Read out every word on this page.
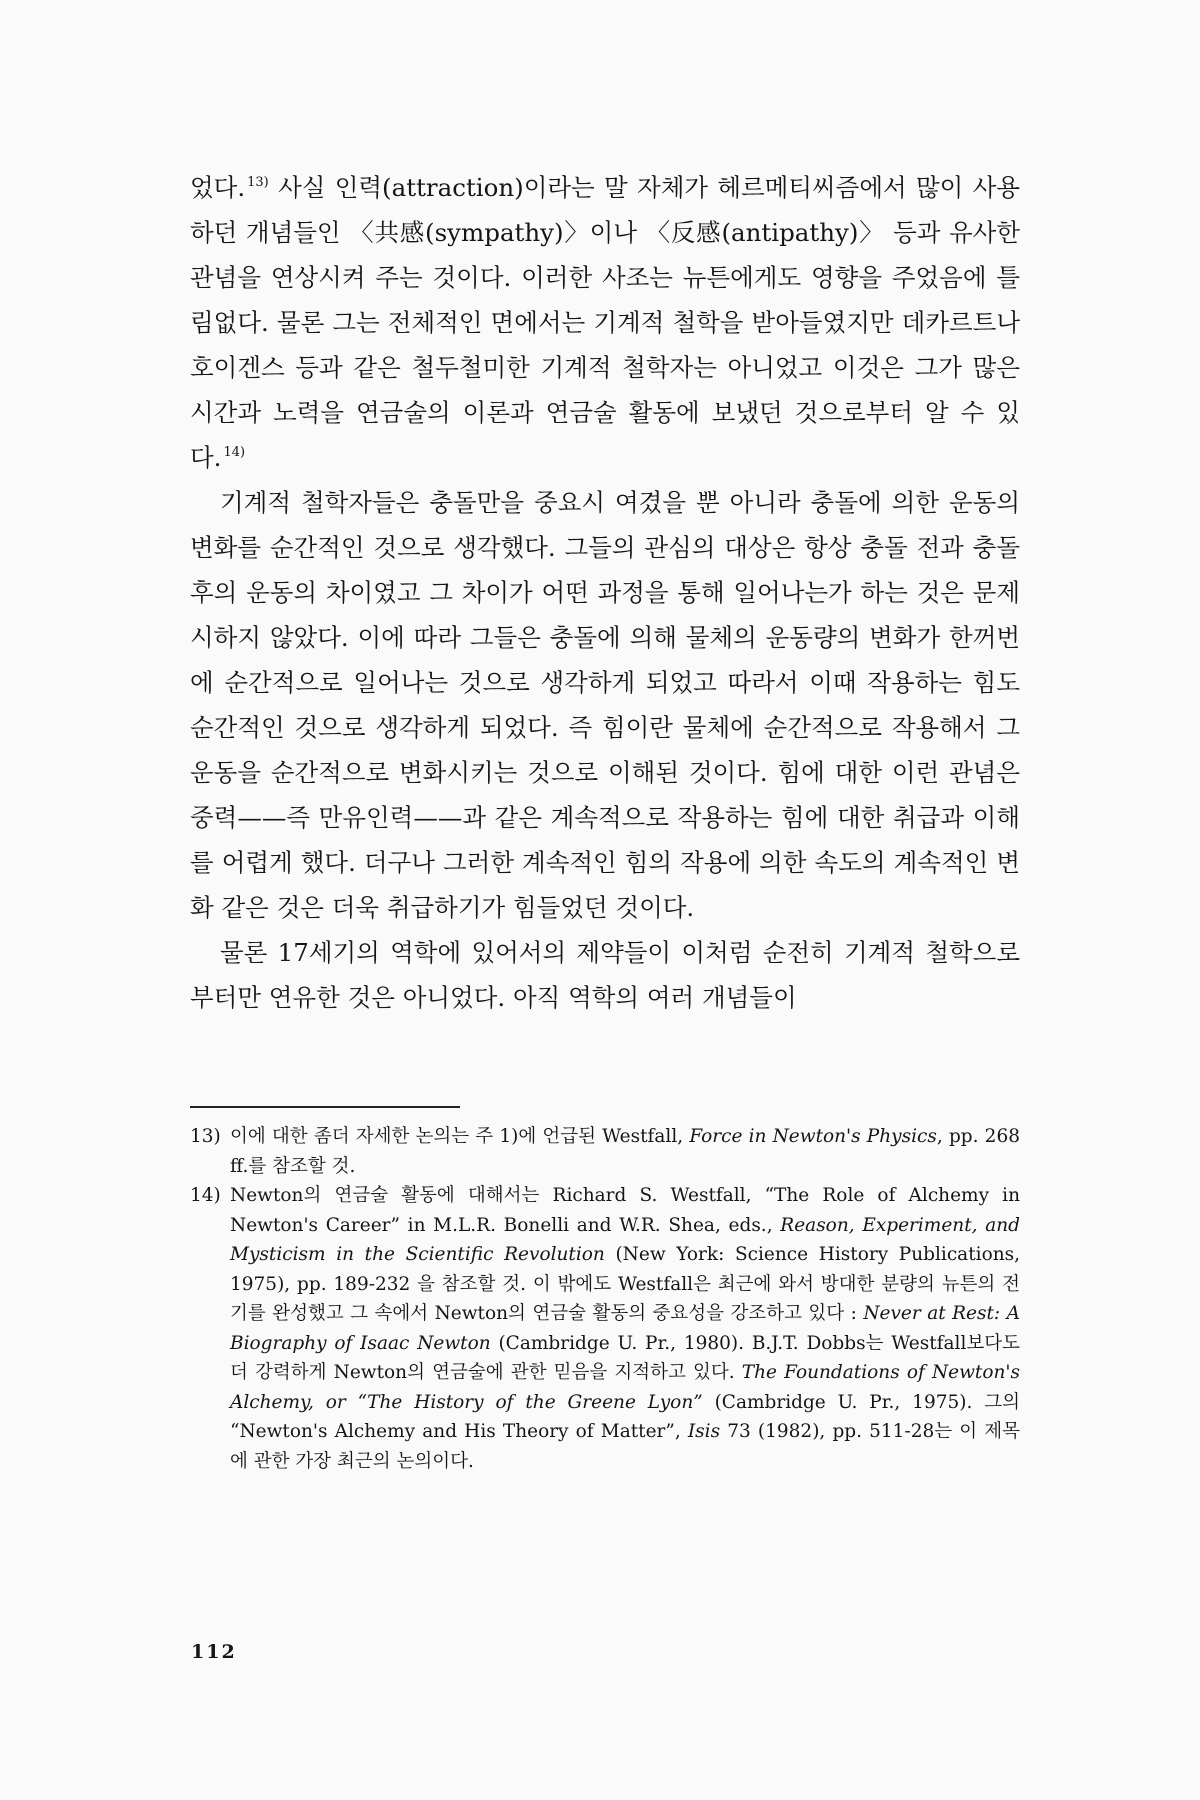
었다. $^{13)}$ 사실 인력(attraction)이라는 말 자체가 헤르메티씨즘에서 많이 사용하던 개념들인 〈共感(sympathy)〉이나 〈反感(antipathy)〉 등과 유사한 관념을 연상시켜 주는 것이다. 이러한 사조는 뉴튼에게도 영향을 주었음에 틀림없다. 물론 그는 전체적인 면에서는 기계적 철학을 받아들였지만 데카르트나 호이겐스 등과 같은 철두철미한 기계적 철학자는 아니었고 이것은 그가 많은 시간과 노력을 연금술의 이론과 연금술 활동에 보냈던 것으로부터 알 수 있다. $^{14)}$

기계적 철학자들은 충돌만을 중요시 여겼을 뿐 아니라 충돌에 의한 운동의 변화를 순간적인 것으로 생각했다. 그들의 관심의 대상은 항상 충돌 전과 충돌 후의 운동의 차이였고 그 차이가 어떤 과정을 통해 일어나는가 하는 것은 문제시하지 않았다. 이에 따라 그들은 충돌에 의해 물체의 운동량의 변화가 한꺼번에 순간적으로 일어나는 것으로 생각하게 되었고 따라서 이때 작용하는 힘도 순간적인 것으로 생각하게 되었다. 즉 힘이란 물체에 순간적으로 작용해서 그 운동을 순간적으로 변화시키는 것으로 이해된 것이다. 힘에 대한 이런 관념은 중력——즉 만유인력——과 같은 계속적으로 작용하는 힘에 대한 취급과 이해를 어렵게 했다. 더구나 그러한 계속적인 힘의 작용에 의한 속도의 계속적인 변화 같은 것은 더욱 취급하기가 힘들었던 것이다.

물론 17세기의 역학에 있어서의 제약들이 이처럼 순전히 기계적 철학으로부터만 연유한 것은 아니었다. 아직 역학의 여러 개념들이

13) 이에 대한 좀더 자세한 논의는 주 1)에 언급된 Westfall, Force in Newton's Physics, pp. 268 ff.를 참조할 것.
14) Newton의 연금술 활동에 대해서는 Richard S. Westfall, “The Role of Alchemy in Newton's Career” in M.L.R. Bonelli and W.R. Shea, eds., Reason, Experiment, and Mysticism in the Scientific Revolution (New York: Science History Publications, 1975), pp. 189-232 을 참조할 것. 이 밖에도 Westfall은 최근에 와서 방대한 분량의 뉴튼의 전기를 완성했고 그 속에서 Newton의 연금술 활동의 중요성을 강조하고 있다 : Never at Rest: A Biography of Isaac Newton (Cambridge U. Pr., 1980). B.J.T. Dobbs는 Westfall보다도 더 강력하게 Newton의 연금술에 관한 믿음을 지적하고 있다. The Foundations of Newton's Alchemy, or “The History of the Greene Lyon” (Cambridge U. Pr., 1975). 그의 “Newton's Alchemy and His Theory of Matter”, Isis 73 (1982), pp. 511-28는 이 제목에 관한 가장 최근의 논의이다.
112
